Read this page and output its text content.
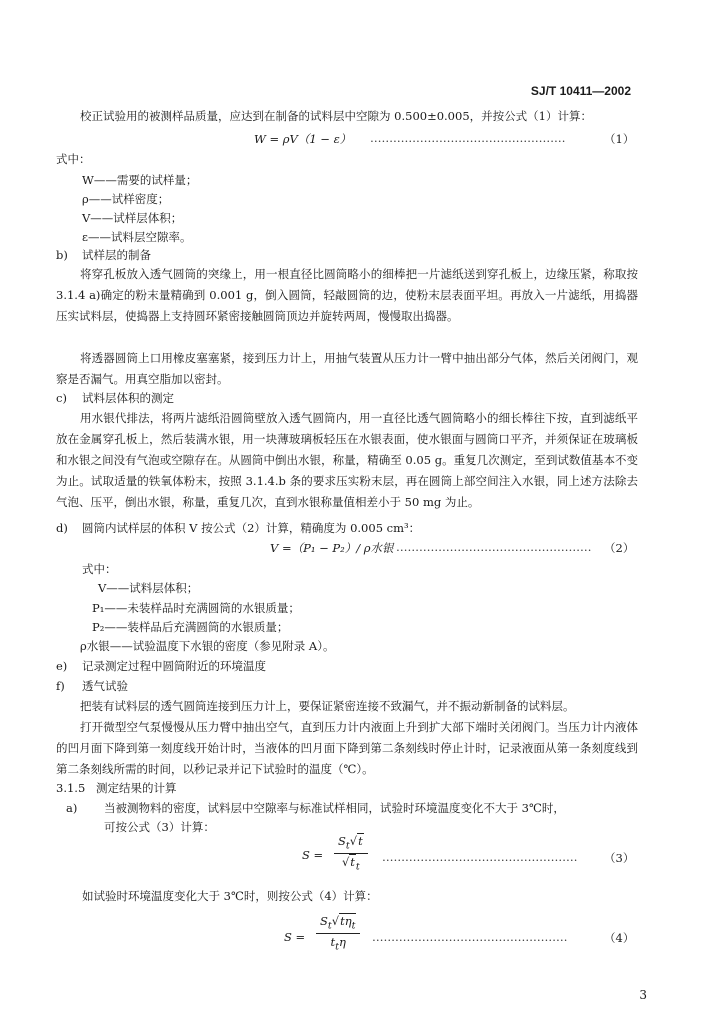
SJ/T 10411—2002
校正试验用的被测样品质量，应达到在制备的试料层中空隙为 0.500±0.005，并按公式（1）计算：
W = ρV（1 − ε） ……………………………………………	（1）
式中：
W——需要的试样量；
ρ——试样密度；
V——试样层体积；
ε——试料层空隙率。
b) 试样层的制备
将穿孔板放入透气圆筒的突缘上，用一根直径比圆筒略小的细棒把一片滤纸送到穿孔板上，边缘压紧，称取按 3.1.4 a)确定的粉末量精确到 0.001 g，倒入圆筒，轻敲圆筒的边，使粉末层表面平坦。再放入一片滤纸，用捣器压实试料层，使捣器上支持圆环紧密接触圆筒顶边并旋转两周，慢慢取出捣器。
将透器圆筒上口用橡皮塞塞紧，接到压力计上，用抽气装置从压力计一臂中抽出部分气体，然后关闭阀门，观察是否漏气。用真空脂加以密封。
c) 试料层体积的测定
用水银代排法，将两片滤纸沿圆筒壁放入透气圆筒内，用一直径比透气圆筒略小的细长棒往下按，直到滤纸平放在金属穿孔板上，然后装满水银，用一块薄玻璃板轻压在水银表面，使水银面与圆筒口平齐，并须保证在玻璃板和水银之间没有气泡或空隙存在。从圆筒中倒出水银，称量，精确至 0.05 g。重复几次测定，至到试数值基本不变为止。试取适量的铁氧体粉末，按照 3.1.4.b 条的要求压实粉末层，再在圆筒上部空间注入水银，同上述方法除去气泡、压平，倒出水银，称量，重复几次，直到水银称量值相差小于 50 mg 为止。
d) 圆筒内试样层的体积 V 按公式（2）计算，精确度为 0.005 cm³：
V =（P₁ − P₂）/ ρ水银 …………………………………………… （2）
式中：
V——试料层体积；
P₁——未装样品时充满圆筒的水银质量；
P₂——装样品后充满圆筒的水银质量；
ρ水银——试验温度下水银的密度（参见附录 A）。
e) 记录测定过程中圆筒附近的环境温度
f) 透气试验
把装有试料层的透气圆筒连接到压力计上，要保证紧密连接不致漏气，并不振动新制备的试料层。
打开微型空气泵慢慢从压力臂中抽出空气，直到压力计内液面上升到扩大部下端时关闭阀门。当压力计内液体的凹月面下降到第一刻度线开始计时，当液体的凹月面下降到第二条刻线时停止计时，记录液面从第一条刻度线到第二条刻线所需的时间，以秒记录并记下试验时的温度（℃）。
3.1.5 测定结果的计算
a) 当被测物料的密度，试料层中空隙率与标准试样相同，试验时环境温度变化不大于 3℃时，
可按公式（3）计算：
$S = \frac{S_t√t}{√t_t}$ …………………………………………… （3）
如试验时环境温度变化大于 3℃时，则按公式（4）计算：
S =
$S_t√t\eta_t$
$t_t\eta$ ……………………………………………	（4）
3
